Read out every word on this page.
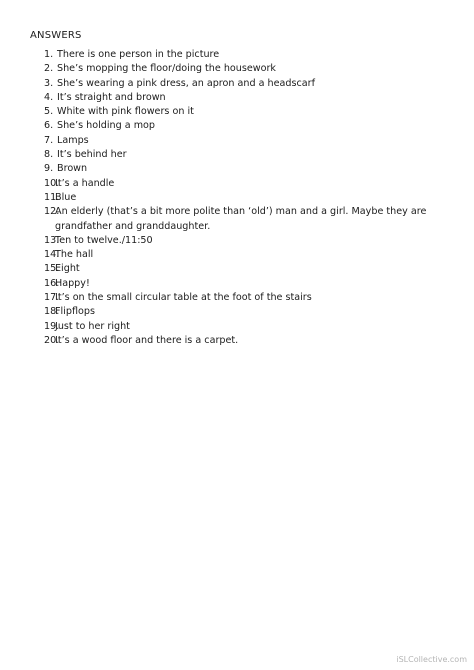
ANSWERS
1. There is one person in the picture
2. She’s mopping the floor/doing the housework
3. She’s wearing a pink dress, an apron and a headscarf
4. It’s straight and brown
5. White with pink flowers on it
6. She’s holding a mop
7. Lamps
8. It’s behind her
9. Brown
10.
It’s a handle
11.
Blue
12.
An elderly (that’s a bit more polite than ‘old’) man and a girl. Maybe they are grandfather and granddaughter.
13.
Ten to twelve./11:50
14.
The hall
15.
Eight
16.
Happy!
17.
It’s on the small circular table at the foot of the stairs
18.
Flipflops
19.
Just to her right
20.
It’s a wood floor and there is a carpet.
iSLCollective.com
